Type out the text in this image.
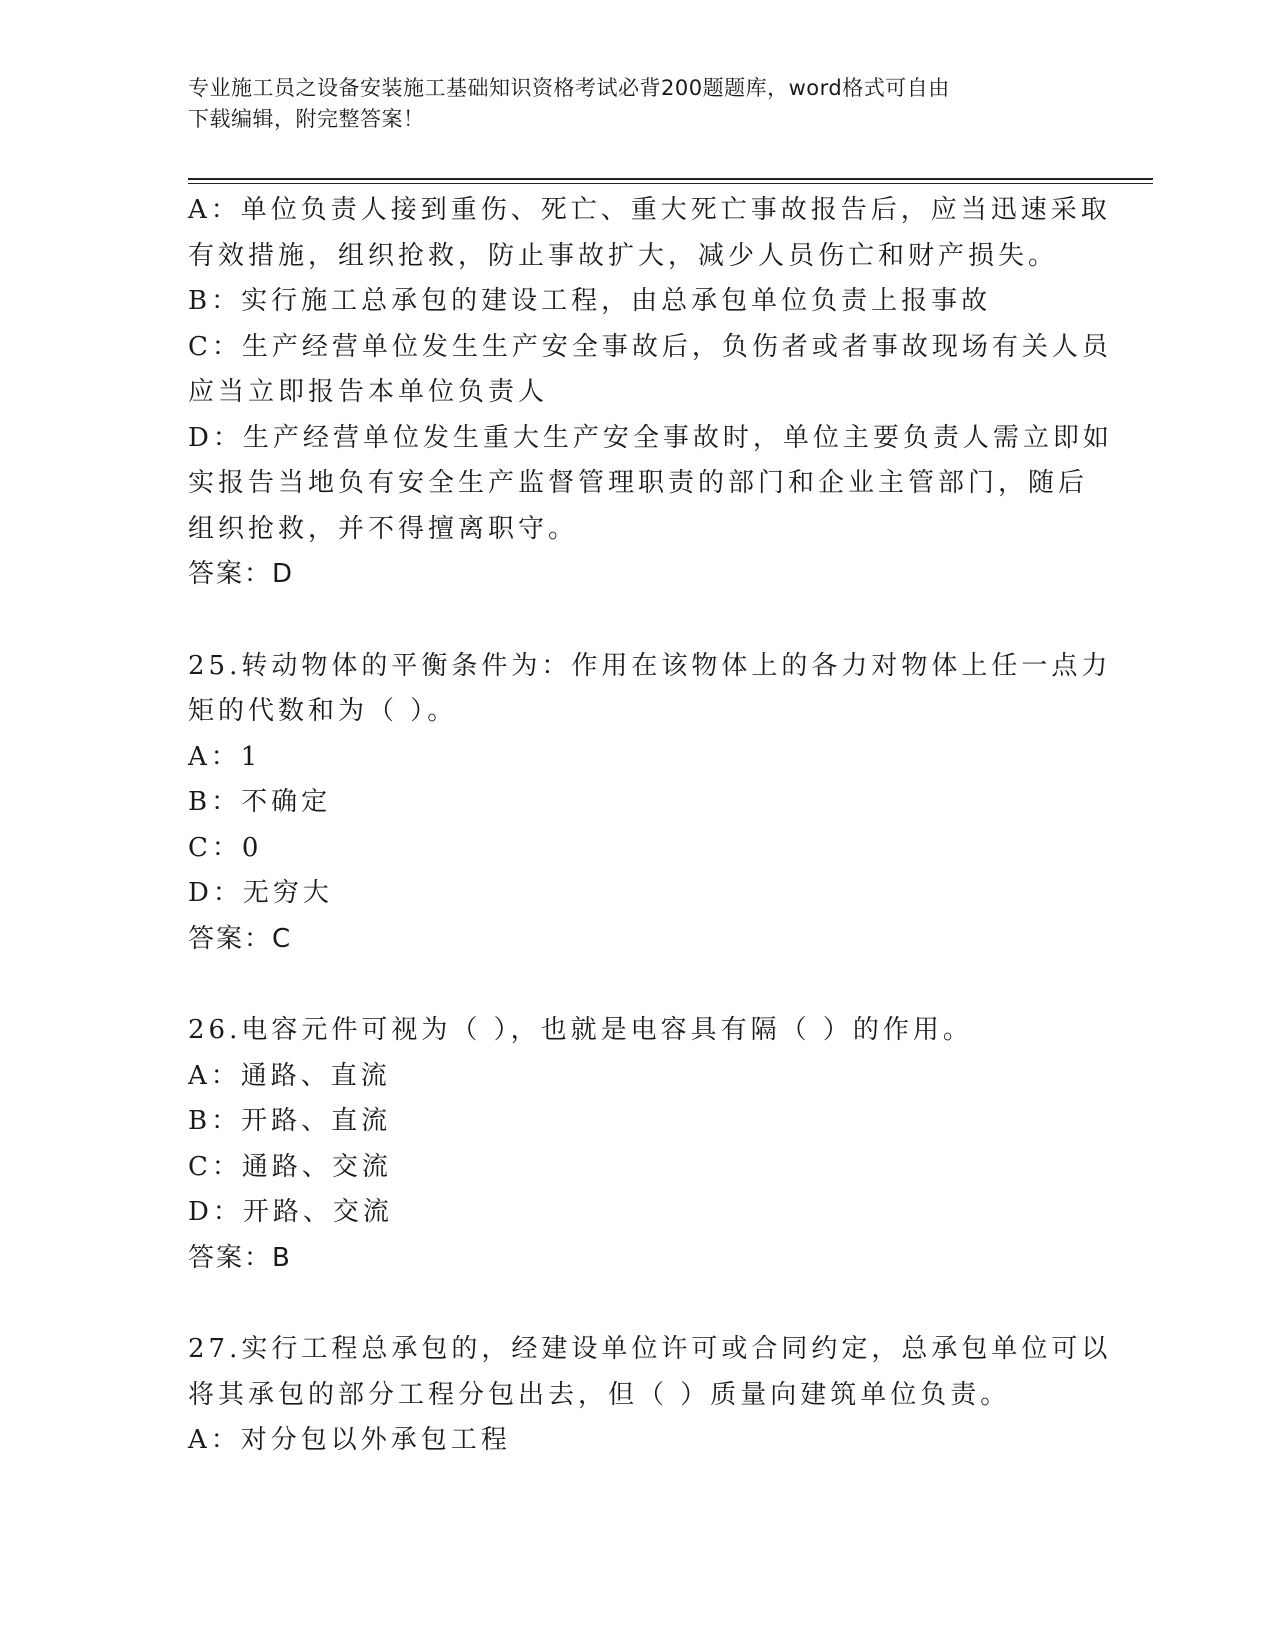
专业施工员之设备安装施工基础知识资格考试必背200题题库，word格式可自由
下载编辑，附完整答案！
A：单位负责人接到重伤、死亡、重大死亡事故报告后，应当迅速采取
有效措施，组织抢救，防止事故扩大，减少人员伤亡和财产损失。
B：实行施工总承包的建设工程，由总承包单位负责上报事故
C：生产经营单位发生生产安全事故后，负伤者或者事故现场有关人员
应当立即报告本单位负责人
D：生产经营单位发生重大生产安全事故时，单位主要负责人需立即如
实报告当地负有安全生产监督管理职责的部门和企业主管部门，随后
组织抢救，并不得擅离职守。
答案：D
25.转动物体的平衡条件为：作用在该物体上的各力对物体上任一点力
矩的代数和为（ ）。
A：1
B：不确定
C：0
D：无穷大
答案：C
26.电容元件可视为（ ），也就是电容具有隔（ ）的作用。
A：通路、直流
B：开路、直流
C：通路、交流
D：开路、交流
答案：B
27.实行工程总承包的，经建设单位许可或合同约定，总承包单位可以
将其承包的部分工程分包出去，但（ ）质量向建筑单位负责。
A：对分包以外承包工程
